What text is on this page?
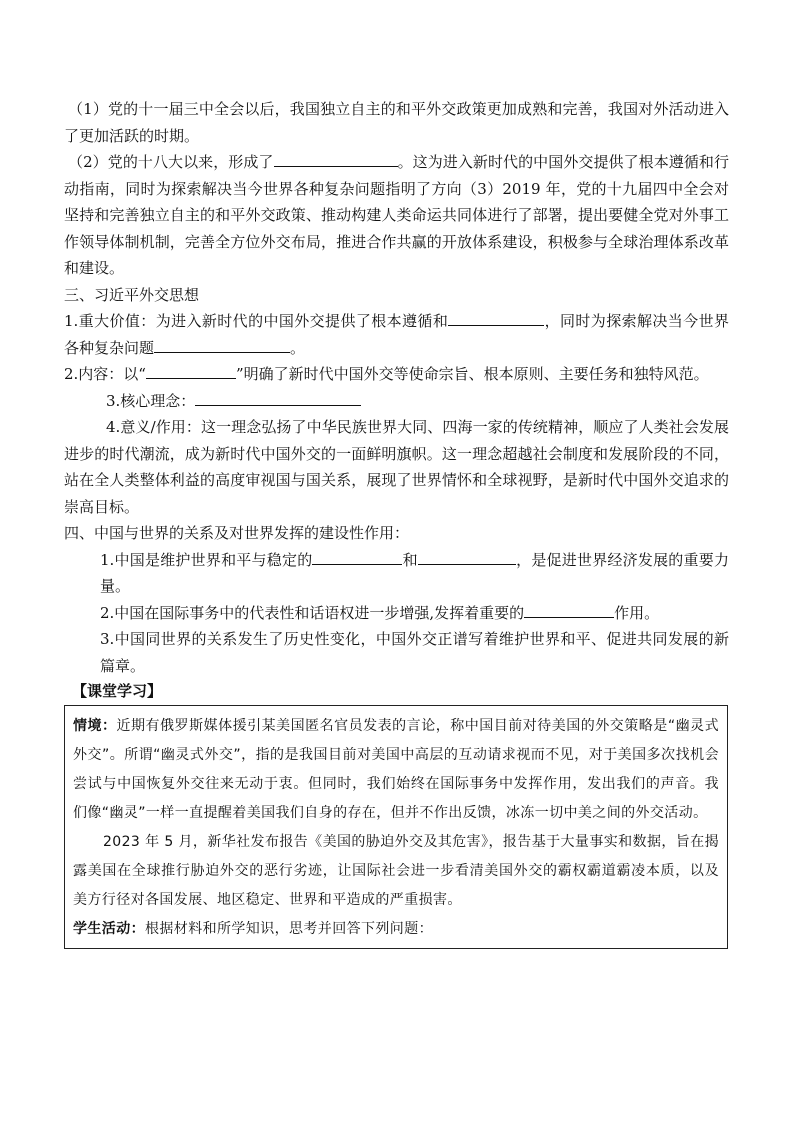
（1）党的十一届三中全会以后，我国独立自主的和平外交政策更加成熟和完善，我国对外活动进入了更加活跃的时期。

（2）党的十八大以来，形成了	。这为进入新时代的中国外交提供了根本遵循和行动指南，同时为探索解决当今世界各种复杂问题指明了方向（3）2019 年，党的十九届四中全会对坚持和完善独立自主的和平外交政策、推动构建人类命运共同体进行了部署，提出要健全党对外事工作领导体制机制，完善全方位外交布局，推进合作共赢的开放体系建设，积极参与全球治理体系改革和建设。

三、习近平外交思想

1.重大价值：为进入新时代的中国外交提供了根本遵循和	，同时为探索解决当今世界各种复杂问题	。

2.内容：以“	”明确了新时代中国外交等使命宗旨、根本原则、主要任务和独特风范。

3.核心理念：

4.意义/作用：这一理念弘扬了中华民族世界大同、四海一家的传统精神，顺应了人类社会发展进步的时代潮流，成为新时代中国外交的一面鲜明旗帜。这一理念超越社会制度和发展阶段的不同，站在全人类整体利益的高度审视国与国关系，展现了世界情怀和全球视野，是新时代中国外交追求的崇高目标。

四、中国与世界的关系及对世界发挥的建设性作用：

1.中国是维护世界和平与稳定的	和	，是促进世界经济发展的重要力量。

2.中国在国际事务中的代表性和话语权进一步增强,发挥着重要的	作用。

3.中国同世界的关系发生了历史性变化，中国外交正谱写着维护世界和平、促进共同发展的新篇章。

【课堂学习】

情境：近期有俄罗斯媒体援引某美国匿名官员发表的言论，称中国目前对待美国的外交策略是“幽灵式外交”。所谓“幽灵式外交”，指的是我国目前对美国中高层的互动请求视而不见，对于美国多次找机会尝试与中国恢复外交往来无动于衷。但同时，我们始终在国际事务中发挥作用，发出我们的声音。我们像“幽灵”一样一直提醒着美国我们自身的存在，但并不作出反馈，冰冻一切中美之间的外交活动。

2023 年 5 月，新华社发布报告《美国的胁迫外交及其危害》，报告基于大量事实和数据，旨在揭露美国在全球推行胁迫外交的恶行劣迹，让国际社会进一步看清美国外交的霸权霸道霸凌本质，以及美方行径对各国发展、地区稳定、世界和平造成的严重损害。

学生活动：根据材料和所学知识，思考并回答下列问题：
